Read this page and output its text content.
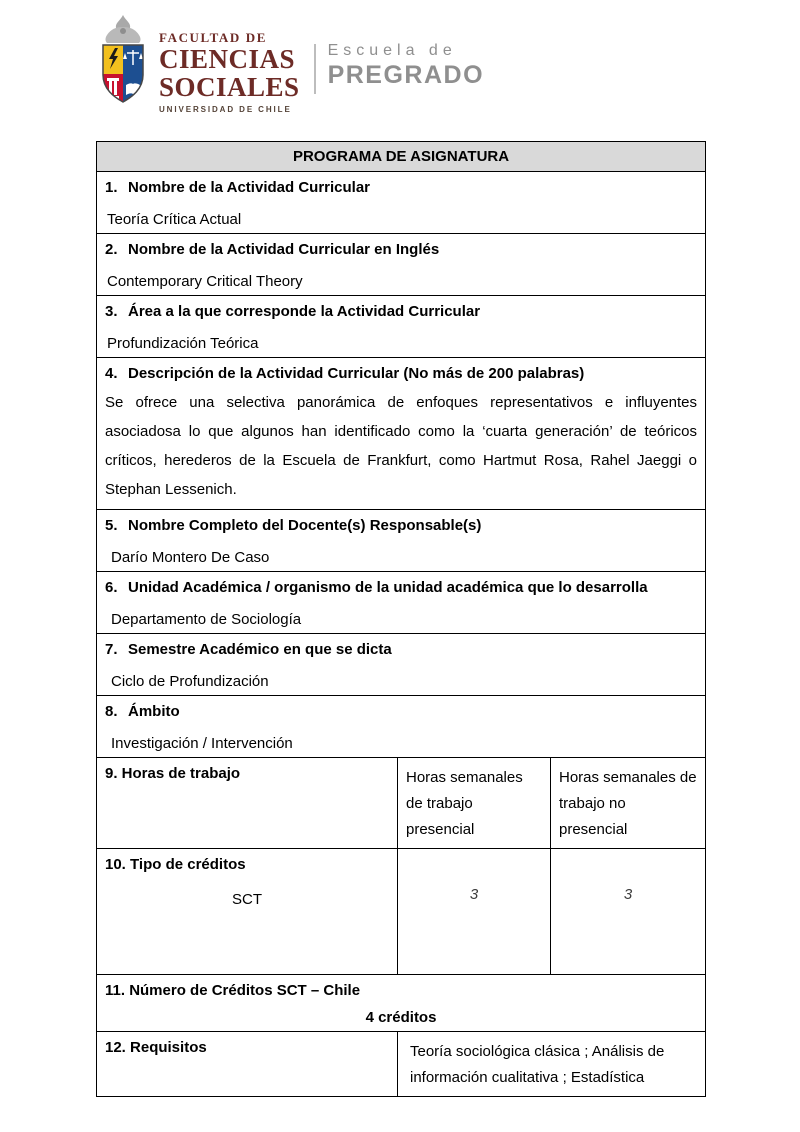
FACULTAD DE
CIENCIAS
SOCIALES
UNIVERSIDAD DE CHILE
Escuela de
PREGRADO
PROGRAMA DE ASIGNATURA		

1. Nombre de la Actividad Curricular
Teoría Crítica Actual		

2. Nombre de la Actividad Curricular en Inglés
Contemporary Critical Theory		

3. Área a la que corresponde la Actividad Curricular
Profundización Teórica		

4. Descripción de la Actividad Curricular (No más de 200 palabras)
Se ofrece una selectiva panorámica de enfoques representativos e influyentes asociadosa lo que algunos han identificado como la ‘cuarta generación’ de teóricos críticos, herederos de la Escuela de Frankfurt, como Hartmut Rosa, Rahel Jaeggi o Stephan Lessenich.		

5. Nombre Completo del Docente(s) Responsable(s)
Darío Montero De Caso		

6. Unidad Académica / organismo de la unidad académica que lo desarrolla
Departamento de Sociología		

7. Semestre Académico en que se dicta
Ciclo de Profundización		

8. Ámbito
Investigación / Intervención		

9. Horas de trabajo	Horas semanales de trabajo presencial	Horas semanales de trabajo no presencial

10. Tipo de créditos
SCT	3	3

11. Número de Créditos SCT – Chile
4 créditos		

12. Requisitos	Teoría sociológica clásica ; Análisis de información cualitativa ; Estadística	
